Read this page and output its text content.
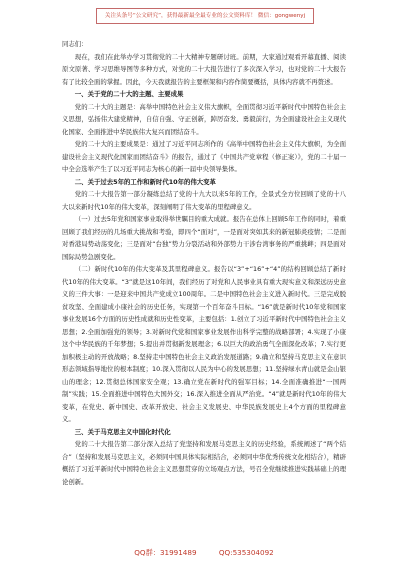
关注头条号“公文研究”，获得最新最全最专业的公文资料库！ 微信：gongwenyj

同志们：

现在，我们在此举办学习贯彻党的二十大精神专题研讨班。前期，大家通过观看开幕直播、阅读原文原著、学习思维导图等多种方式，对党的二十大报告进行了多次深入学习，也对党的二十大报告有了比较全面的掌握。因此，今天我就报告的主要框架和内容作简要概括，具体内容就不再赘述。

一、关于党的二十大的主题、主要成果

党的二十大的主题是：高举中国特色社会主义伟大旗帜，全面贯彻习近平新时代中国特色社会主义思想，弘扬伟大建党精神，自信自强、守正创新，踔厉奋发、勇毅前行，为全面建设社会主义现代化国家、全面推进中华民族伟大复兴而团结奋斗。

党的二十大的主要成果是：通过了习近平同志所作的《高举中国特色社会主义伟大旗帜，为全面建设社会主义现代化国家而团结奋斗》的报告，通过了《中国共产党章程（修正案）》，党的二十届一中全会选举产生了以习近平同志为核心的新一届中央领导集体。

二、关于过去5年的工作和新时代10年的伟大变革

党的二十大报告第一部分凝练总结了党的十九大以来5年的工作，全景式全方位回顾了党的十八大以来新时代10年的伟大变革，深刻阐明了伟大变革的里程碑意义。

（一）过去5年党和国家事业取得举世瞩目的重大成就。报告在总体上回顾5年工作的同时，着重回顾了我们经历的几场重大挑战和考验，即四个“面对”，一是面对突如其来的新冠肺炎疫情；二是面对香港局势动荡变化；三是面对“台独”势力分裂活动和外部势力干涉台湾事务的严重挑衅；四是面对国际局势急剧变化。

（二）新时代10年的伟大变革及其里程碑意义。报告以“3”+“16”+“4”的结构回顾总结了新时代10年的伟大变革。“3”就是这10年间，我们经历了对党和人民事业具有重大现实意义和深远历史意义的三件大事：一是迎来中国共产党成立100周年。二是中国特色社会主义进入新时代。三是完成脱贫攻坚、全面建成小康社会的历史任务，实现第一个百年奋斗目标。“16”就是新时代10年党和国家事业发展16个方面的历史性成就和历史性变革，主要包括：1.创立了习近平新时代中国特色社会主义思想；2.全面加强党的领导；3.对新时代党和国家事业发展作出科学完整的战略部署；4.实现了小康这个中华民族的千年梦想；5.提出并贯彻新发展理念；6.以巨大的政治勇气全面深化改革；7.实行更加积极主动的开放战略；8.坚持走中国特色社会主义政治发展道路；9.确立和坚持马克思主义在意识形态领域指导地位的根本制度；10.深入贯彻以人民为中心的发展思想；11.坚持绿水青山就是金山银山的理念；12.贯彻总体国家安全观；13.确立党在新时代的强军目标；14.全面准确推进“一国两制”实践；15.全面推进中国特色大国外交；16.深入推进全面从严治党。“4”就是新时代10年的伟大变革，在党史、新中国史、改革开放史、社会主义发展史、中华民族发展史上4个方面的里程碑意义。

三、关于马克思主义中国化时代化

党的二十大报告第二部分深入总结了党坚持和发展马克思主义的历史经验，系统阐述了“两个结合”（坚持和发展马克思主义，必须同中国具体实际相结合，必须同中华优秀传统文化相结合），精辟概括了习近平新时代中国特色社会主义思想贯穿的立场观点方法，号召全党继续推进实践基础上的理论创新。

QQ群：31991489	QQ:535304092
